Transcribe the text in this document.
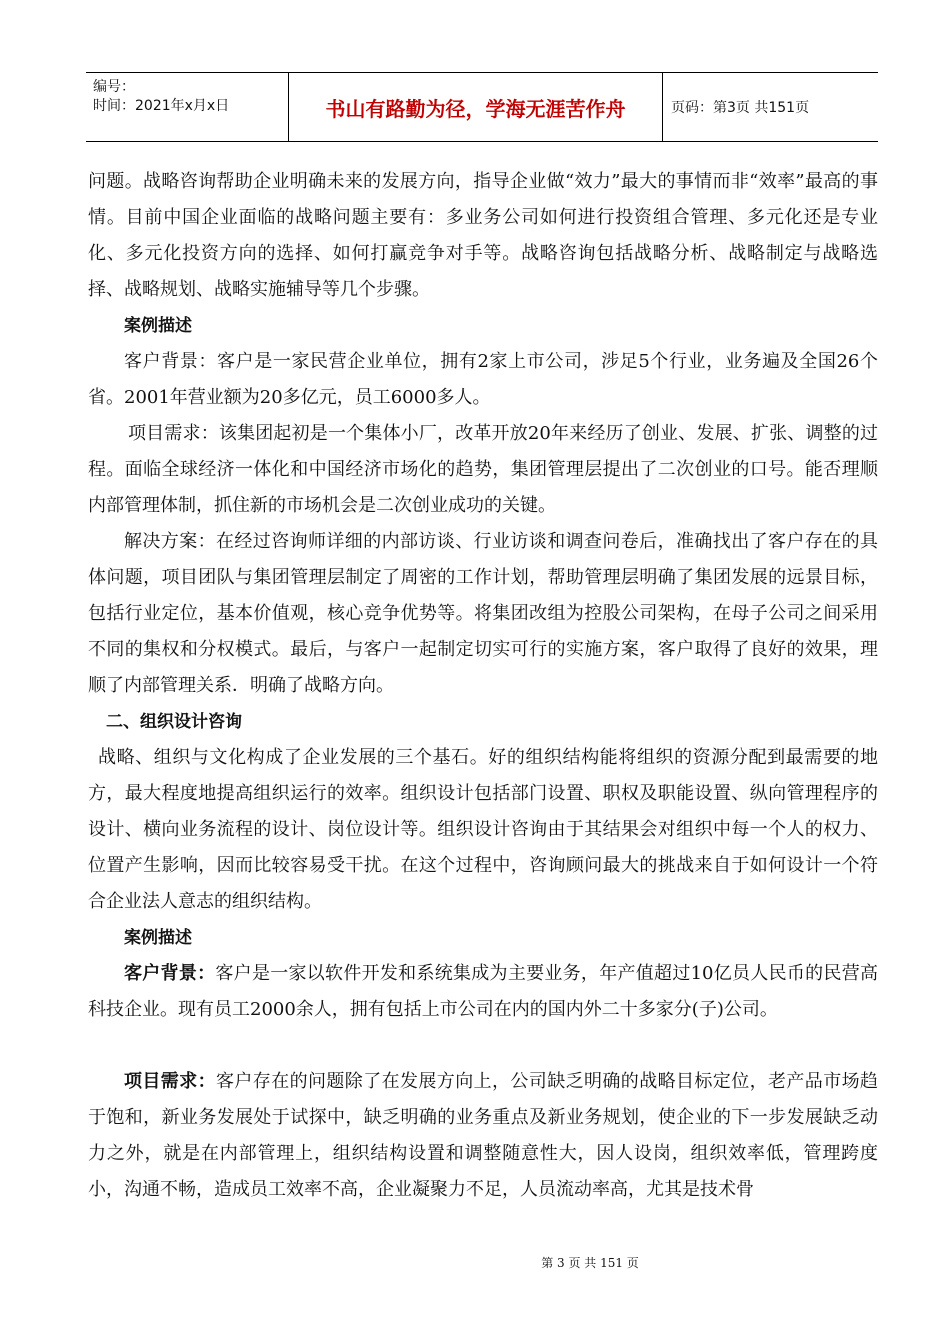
编号：
时间：2021年x月x日	书山有路勤为径，学海无涯苦作舟	页码：第3页 共151页

问题。战略咨询帮助企业明确未来的发展方向，指导企业做“效力”最大的事情而非“效率”最高的事情。目前中国企业面临的战略问题主要有：多业务公司如何进行投资组合管理、多元化还是专业化、多元化投资方向的选择、如何打赢竞争对手等。战略咨询包括战略分析、战略制定与战略选择、战略规划、战略实施辅导等几个步骤。

案例描述

客户背景：客户是一家民营企业单位，拥有2家上市公司，涉足5个行业，业务遍及全国26个省。2001年营业额为20多亿元，员工6000多人。

项目需求：该集团起初是一个集体小厂，改革开放20年来经历了创业、发展、扩张、调整的过程。面临全球经济一体化和中国经济市场化的趋势，集团管理层提出了二次创业的口号。能否理顺内部管理体制，抓住新的市场机会是二次创业成功的关键。

解决方案：在经过咨询师详细的内部访谈、行业访谈和调查问卷后，准确找出了客户存在的具体问题，项目团队与集团管理层制定了周密的工作计划，帮助管理层明确了集团发展的远景目标，包括行业定位，基本价值观，核心竞争优势等。将集团改组为控股公司架构，在母子公司之间采用不同的集权和分权模式。最后，与客户一起制定切实可行的实施方案，客户取得了良好的效果，理顺了内部管理关系．明确了战略方向。

二、组织设计咨询

战略、组织与文化构成了企业发展的三个基石。好的组织结构能将组织的资源分配到最需要的地方，最大程度地提高组织运行的效率。组织设计包括部门设置、职权及职能设置、纵向管理程序的设计、横向业务流程的设计、岗位设计等。组织设计咨询由于其结果会对组织中每一个人的权力、位置产生影响，因而比较容易受干扰。在这个过程中，咨询顾问最大的挑战来自于如何设计一个符合企业法人意志的组织结构。

案例描述

客户背景：客户是一家以软件开发和系统集成为主要业务，年产值超过10亿员人民币的民营高科技企业。现有员工2000余人，拥有包括上市公司在内的国内外二十多家分(子)公司。

项目需求：客户存在的问题除了在发展方向上，公司缺乏明确的战略目标定位，老产品市场趋于饱和，新业务发展处于试探中，缺乏明确的业务重点及新业务规划，使企业的下一步发展缺乏动力之外，就是在内部管理上，组织结构设置和调整随意性大，因人设岗，组织效率低，管理跨度小，沟通不畅，造成员工效率不高，企业凝聚力不足，人员流动率高，尤其是技术骨

第 3 页 共 151 页
